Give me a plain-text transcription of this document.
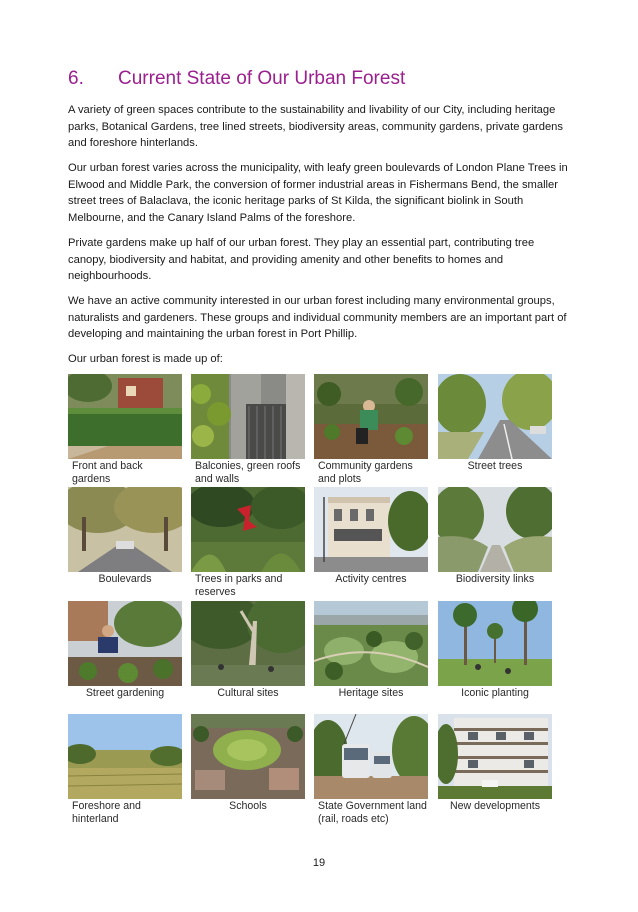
6.	Current State of Our Urban Forest

A variety of green spaces contribute to the sustainability and livability of our City, including heritage parks, Botanical Gardens, tree lined streets, biodiversity areas, community gardens, private gardens and foreshore hinterlands.

Our urban forest varies across the municipality, with leafy green boulevards of London Plane Trees in Elwood and Middle Park, the conversion of former industrial areas in Fishermans Bend, the smaller street trees of Balaclava, the iconic heritage parks of St Kilda, the significant biolink in South Melbourne, and the Canary Island Palms of the foreshore.

Private gardens make up half of our urban forest. They play an essential part, contributing tree canopy, biodiversity and habitat, and providing amenity and other benefits to homes and neighbourhoods.

We have an active community interested in our urban forest including many environmental groups, naturalists and gardeners. These groups and individual community members are an important part of developing and maintaining the urban forest in Port Phillip.

Our urban forest is made up of:

Front and back gardens
Balconies, green roofs and walls
Community gardens and plots
Street trees
Boulevards	Trees in parks and reserves
Activity centres	Biodiversity links
Street gardening	Cultural sites	Heritage sites	Iconic planting
Foreshore and hinterland
Schools	State Government land (rail, roads etc)
New developments
19
